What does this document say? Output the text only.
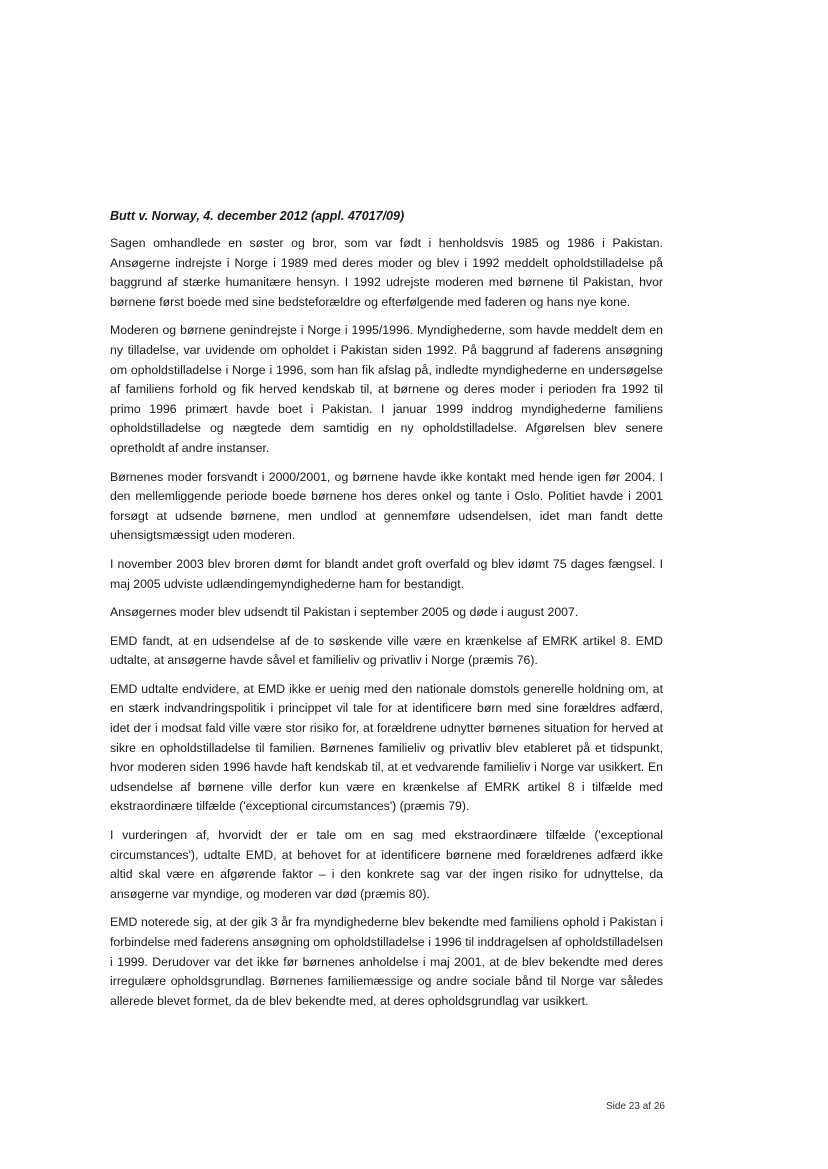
Butt v. Norway, 4. december 2012 (appl. 47017/09)

Sagen omhandlede en søster og bror, som var født i henholdsvis 1985 og 1986 i Pakistan. Ansøgerne indrejste i Norge i 1989 med deres moder og blev i 1992 meddelt opholdstilladelse på baggrund af stærke humanitære hensyn. I 1992 udrejste moderen med børnene til Pakistan, hvor børnene først boede med sine bedsteforældre og efterfølgende med faderen og hans nye kone.

Moderen og børnene genindrejste i Norge i 1995/1996. Myndighederne, som havde meddelt dem en ny tilladelse, var uvidende om opholdet i Pakistan siden 1992. På baggrund af faderens ansøgning om opholdstilladelse i Norge i 1996, som han fik afslag på, indledte myndighederne en undersøgelse af familiens forhold og fik herved kendskab til, at børnene og deres moder i perioden fra 1992 til primo 1996 primært havde boet i Pakistan. I januar 1999 inddrog myndighederne familiens opholdstilladelse og nægtede dem samtidig en ny opholdstilladelse. Afgørelsen blev senere opretholdt af andre instanser.

Børnenes moder forsvandt i 2000/2001, og børnene havde ikke kontakt med hende igen før 2004. I den mellemliggende periode boede børnene hos deres onkel og tante i Oslo. Politiet havde i 2001 forsøgt at udsende børnene, men undlod at gennemføre udsendelsen, idet man fandt dette uhensigtsmæssigt uden moderen.

I november 2003 blev broren dømt for blandt andet groft overfald og blev idømt 75 dages fængsel. I maj 2005 udviste udlændingemyndighederne ham for bestandigt.

Ansøgernes moder blev udsendt til Pakistan i september 2005 og døde i august 2007.

EMD fandt, at en udsendelse af de to søskende ville være en krænkelse af EMRK artikel 8. EMD udtalte, at ansøgerne havde såvel et familieliv og privatliv i Norge (præmis 76).

EMD udtalte endvidere, at EMD ikke er uenig med den nationale domstols generelle holdning om, at en stærk indvandringspolitik i princippet vil tale for at identificere børn med sine forældres adfærd, idet der i modsat fald ville være stor risiko for, at forældrene udnytter børnenes situation for herved at sikre en opholdstilladelse til familien. Børnenes familieliv og privatliv blev etableret på et tidspunkt, hvor moderen siden 1996 havde haft kendskab til, at et vedvarende familieliv i Norge var usikkert. En udsendelse af børnene ville derfor kun være en krænkelse af EMRK artikel 8 i tilfælde med ekstraordinære tilfælde ('exceptional circumstances') (præmis 79).

I vurderingen af, hvorvidt der er tale om en sag med ekstraordinære tilfælde ('exceptional circumstances'), udtalte EMD, at behovet for at identificere børnene med forældrenes adfærd ikke altid skal være en afgørende faktor – i den konkrete sag var der ingen risiko for udnyttelse, da ansøgerne var myndige, og moderen var død (præmis 80).

EMD noterede sig, at der gik 3 år fra myndighederne blev bekendte med familiens ophold i Pakistan i forbindelse med faderens ansøgning om opholdstilladelse i 1996 til inddragelsen af opholdstilladelsen i 1999. Derudover var det ikke før børnenes anholdelse i maj 2001, at de blev bekendte med deres irregulære opholdsgrundlag. Børnenes familiemæssige og andre sociale bånd til Norge var således allerede blevet formet, da de blev bekendte med, at deres opholdsgrundlag var usikkert.

Side 23 af 26
